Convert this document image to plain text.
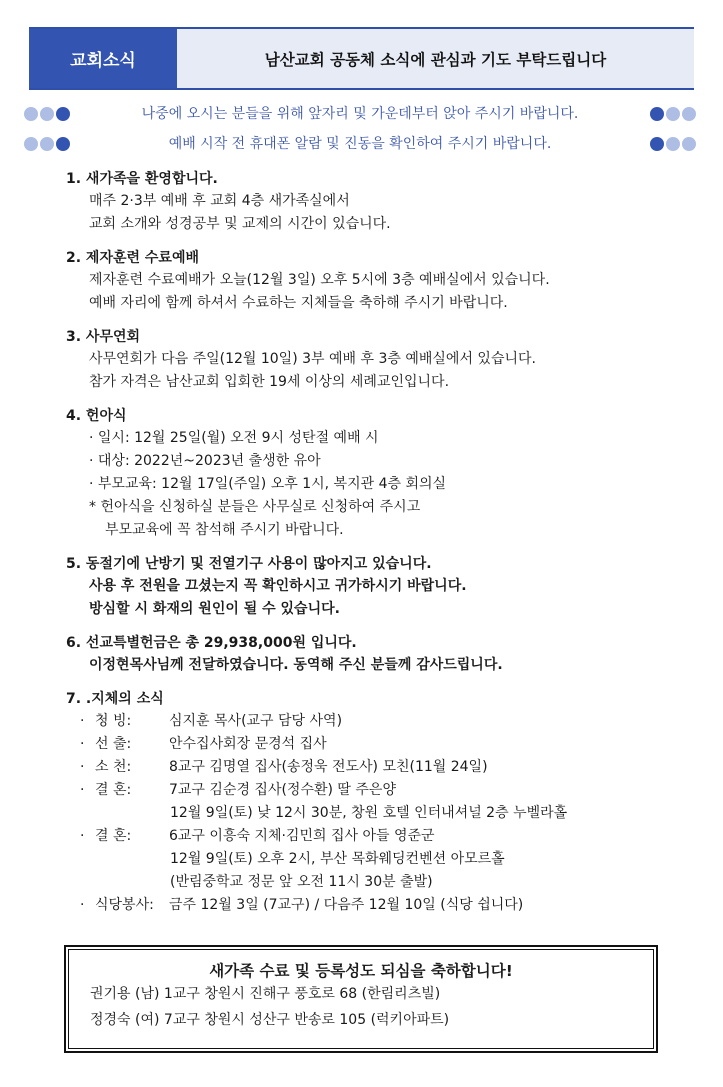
교회소식	남산교회 공동체 소식에 관심과 기도 부탁드립니다
나중에 오시는 분들을 위해 앞자리 및 가운데부터 앉아 주시기 바랍니다.
예배 시작 전 휴대폰 알람 및 진동을 확인하여 주시기 바랍니다.
1. 새가족을 환영합니다.
매주 2·3부 예배 후 교회 4층 새가족실에서
교회 소개와 성경공부 및 교제의 시간이 있습니다.
2. 제자훈련 수료예배
제자훈련 수료예배가 오늘(12월 3일) 오후 5시에 3층 예배실에서 있습니다.
예배 자리에 함께 하셔서 수료하는 지체들을 축하해 주시기 바랍니다.
3. 사무연회
사무연회가 다음 주일(12월 10일) 3부 예배 후 3층 예배실에서 있습니다.
참가 자격은 남산교회 입회한 19세 이상의 세례교인입니다.
4. 헌아식
· 일시: 12월 25일(월) 오전 9시 성탄절 예배 시
· 대상: 2022년~2023년 출생한 유아
· 부모교육: 12월 17일(주일) 오후 1시, 복지관 4층 회의실
* 헌아식을 신청하실 분들은 사무실로 신청하여 주시고
부모교육에 꼭 참석해 주시기 바랍니다.
5. 동절기에 난방기 및 전열기구 사용이 많아지고 있습니다.
사용 후 전원을 끄셨는지 꼭 확인하시고 귀가하시기 바랍니다.
방심할 시 화재의 원인이 될 수 있습니다.
6. 선교특별헌금은 총 29,938,000원 입니다.
이정현목사님께 전달하였습니다. 동역해 주신 분들께 감사드립니다.
7. .지체의 소식
· 청 빙:	심지훈 목사(교구 담당 사역)
· 선 출:	안수집사회장 문경석 집사
· 소 천:	8교구 김명열 집사(송정욱 전도사) 모친(11월 24일)
· 결 혼:	7교구 김순경 집사(정수환) 딸 주은양
12월 9일(토) 낮 12시 30분, 창원 호텔 인터내셔널 2층 누벨라홀
· 결 혼:	6교구 이흥숙 지체·김민희 집사 아들 영준군
12월 9일(토) 오후 2시, 부산 목화웨딩컨벤션 아모르홀
(반림중학교 정문 앞 오전 11시 30분 출발)
· 식당봉사:	금주 12월 3일 (7교구) / 다음주 12월 10일 (식당 쉽니다)
새가족 수료 및 등록성도 되심을 축하합니다!
권기용 (남) 1교구 창원시 진해구 풍호로 68 (한림리츠빌)
정경숙 (여) 7교구 창원시 성산구 반송로 105 (럭키아파트)
